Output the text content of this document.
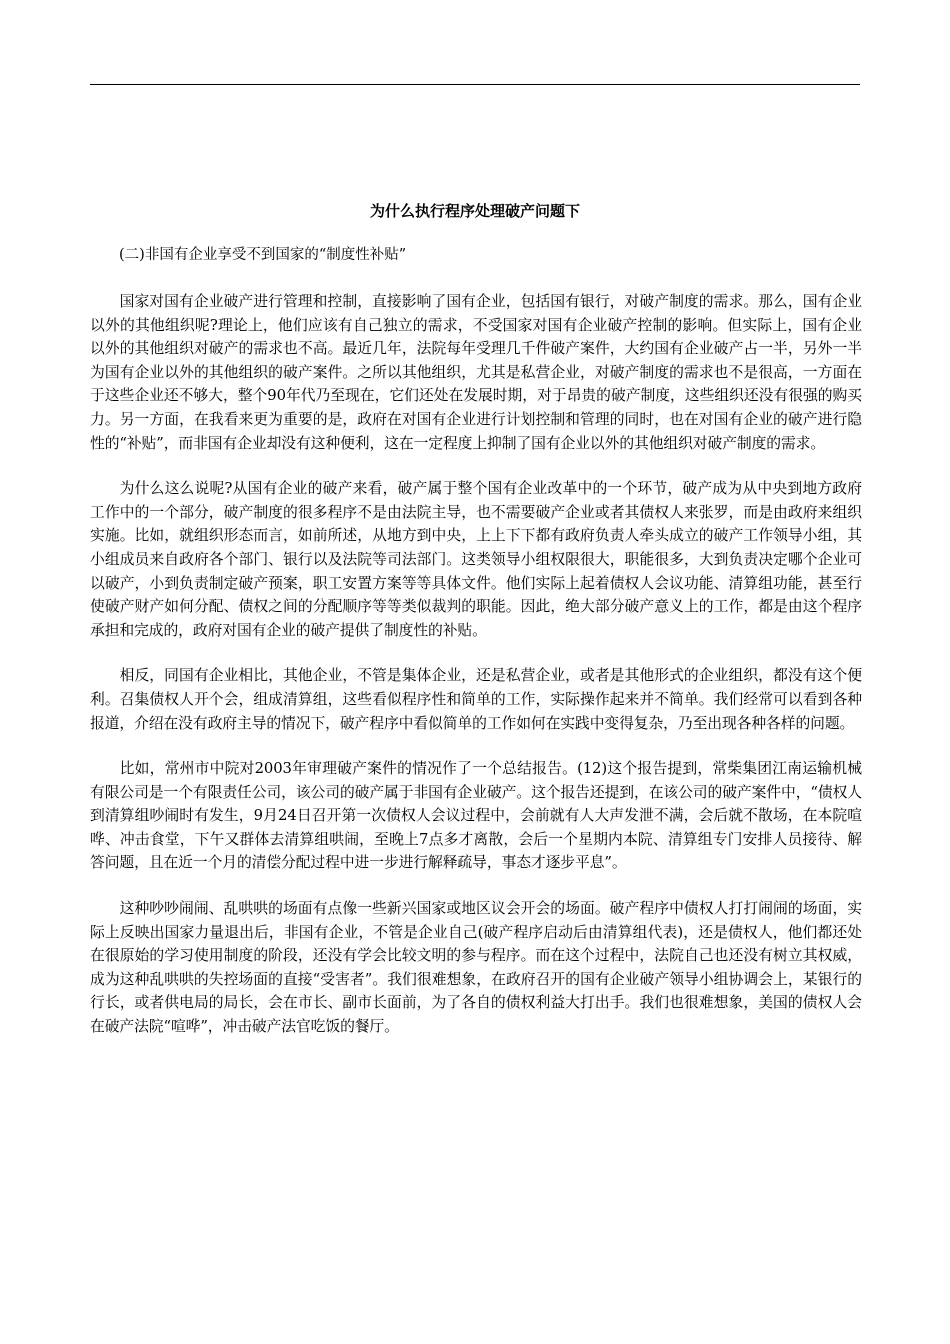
为什么执行程序处理破产问题下

(二)非国有企业享受不到国家的“制度性补贴”

国家对国有企业破产进行管理和控制，直接影响了国有企业，包括国有银行，对破产制度的需求。那么，国有企业以外的其他组织呢?理论上，他们应该有自己独立的需求，不受国家对国有企业破产控制的影响。但实际上，国有企业以外的其他组织对破产的需求也不高。最近几年，法院每年受理几千件破产案件，大约国有企业破产占一半，另外一半为国有企业以外的其他组织的破产案件。之所以其他组织，尤其是私营企业，对破产制度的需求也不是很高，一方面在于这些企业还不够大，整个90年代乃至现在，它们还处在发展时期，对于昂贵的破产制度，这些组织还没有很强的购买力。另一方面，在我看来更为重要的是，政府在对国有企业进行计划控制和管理的同时，也在对国有企业的破产进行隐性的“补贴”，而非国有企业却没有这种便利，这在一定程度上抑制了国有企业以外的其他组织对破产制度的需求。

为什么这么说呢?从国有企业的破产来看，破产属于整个国有企业改革中的一个环节，破产成为从中央到地方政府工作中的一个部分，破产制度的很多程序不是由法院主导，也不需要破产企业或者其债权人来张罗，而是由政府来组织实施。比如，就组织形态而言，如前所述，从地方到中央，上上下下都有政府负责人牵头成立的破产工作领导小组，其小组成员来自政府各个部门、银行以及法院等司法部门。这类领导小组权限很大，职能很多，大到负责决定哪个企业可以破产，小到负责制定破产预案，职工安置方案等等具体文件。他们实际上起着债权人会议功能、清算组功能，甚至行使破产财产如何分配、债权之间的分配顺序等等类似裁判的职能。因此，绝大部分破产意义上的工作，都是由这个程序承担和完成的，政府对国有企业的破产提供了制度性的补贴。

相反，同国有企业相比，其他企业，不管是集体企业，还是私营企业，或者是其他形式的企业组织，都没有这个便利。召集债权人开个会，组成清算组，这些看似程序性和简单的工作，实际操作起来并不简单。我们经常可以看到各种报道，介绍在没有政府主导的情况下，破产程序中看似简单的工作如何在实践中变得复杂，乃至出现各种各样的问题。

比如，常州市中院对2003年审理破产案件的情况作了一个总结报告。(12)这个报告提到，常柴集团江南运输机械有限公司是一个有限责任公司，该公司的破产属于非国有企业破产。这个报告还提到，在该公司的破产案件中，“债权人到清算组吵闹时有发生，9月24日召开第一次债权人会议过程中，会前就有人大声发泄不满，会后就不散场，在本院喧哗、冲击食堂，下午又群体去清算组哄闹，至晚上7点多才离散，会后一个星期内本院、清算组专门安排人员接待、解答问题，且在近一个月的清偿分配过程中进一步进行解释疏导，事态才逐步平息”。

这种吵吵闹闹、乱哄哄的场面有点像一些新兴国家或地区议会开会的场面。破产程序中债权人打打闹闹的场面，实际上反映出国家力量退出后，非国有企业，不管是企业自己(破产程序启动后由清算组代表)，还是债权人，他们都还处在很原始的学习使用制度的阶段，还没有学会比较文明的参与程序。而在这个过程中，法院自己也还没有树立其权威，成为这种乱哄哄的失控场面的直接“受害者”。我们很难想象，在政府召开的国有企业破产领导小组协调会上，某银行的行长，或者供电局的局长，会在市长、副市长面前，为了各自的债权利益大打出手。我们也很难想象，美国的债权人会在破产法院“喧哗”，冲击破产法官吃饭的餐厅。
